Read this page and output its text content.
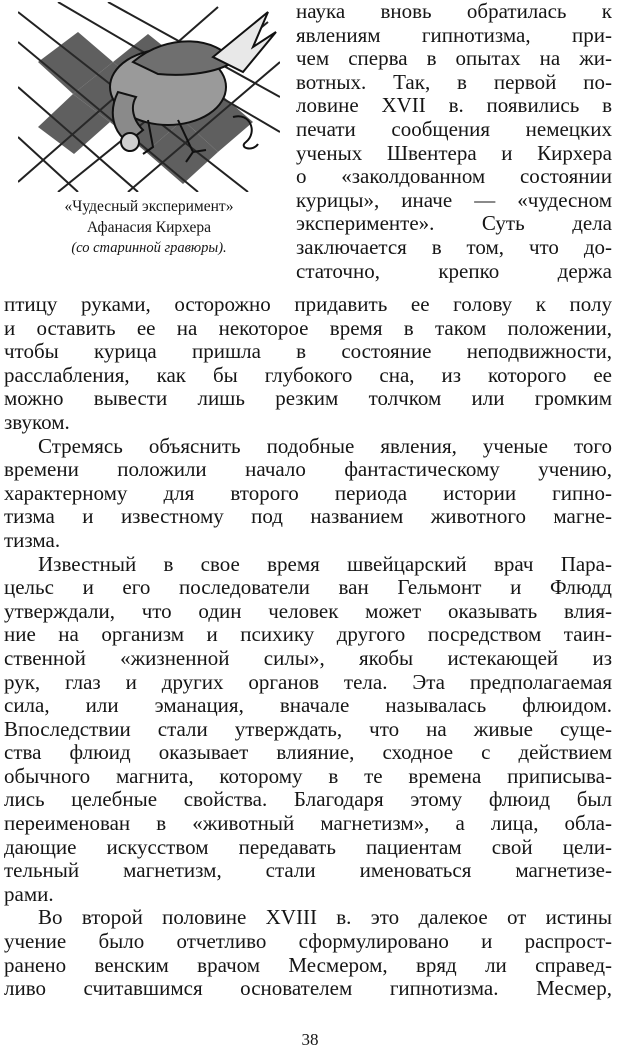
«Чудесный эксперимент»
Афанасия Кирхера
(со старинной гравюры).
наука вновь обратилась к
явлениям гипнотизма, при-
чем сперва в опытах на жи-
вотных. Так, в первой по-
ловине XVII в. появились в
печати сообщения немецких
ученых Швентера и Кирхера
о «заколдованном состоянии
курицы», иначе — «чудесном
эксперименте». Суть дела
заключается в том, что до-
статочно, крепко держа
птицу руками, осторожно придавить ее голову к полу
и оставить ее на некоторое время в таком положении,
чтобы курица пришла в состояние неподвижности,
расслабления, как бы глубокого сна, из которого ее
можно вывести лишь резким толчком или громким
звуком.
Стремясь объяснить подобные явления, ученые того
времени положили начало фантастическому учению,
характерному для второго периода истории гипно-
тизма и известному под названием животного магне-
тизма.
Известный в свое время швейцарский врач Пара-
цельс и его последователи ван Гельмонт и Флюдд
утверждали, что один человек может оказывать влия-
ние на организм и психику другого посредством таин-
ственной «жизненной силы», якобы истекающей из
рук, глаз и других органов тела. Эта предполагаемая
сила, или эманация, вначале называлась флюидом.
Впоследствии стали утверждать, что на живые суще-
ства флюид оказывает влияние, сходное с действием
обычного магнита, которому в те времена приписыва-
лись целебные свойства. Благодаря этому флюид был
переименован в «животный магнетизм», а лица, обла-
дающие искусством передавать пациентам свой цели-
тельный магнетизм, стали именоваться магнетизе-
рами.
Во второй половине XVIII в. это далекое от истины
учение было отчетливо сформулировано и распрост-
ранено венским врачом Месмером, вряд ли справед-
ливо считавшимся основателем гипнотизма. Месмер,
38
